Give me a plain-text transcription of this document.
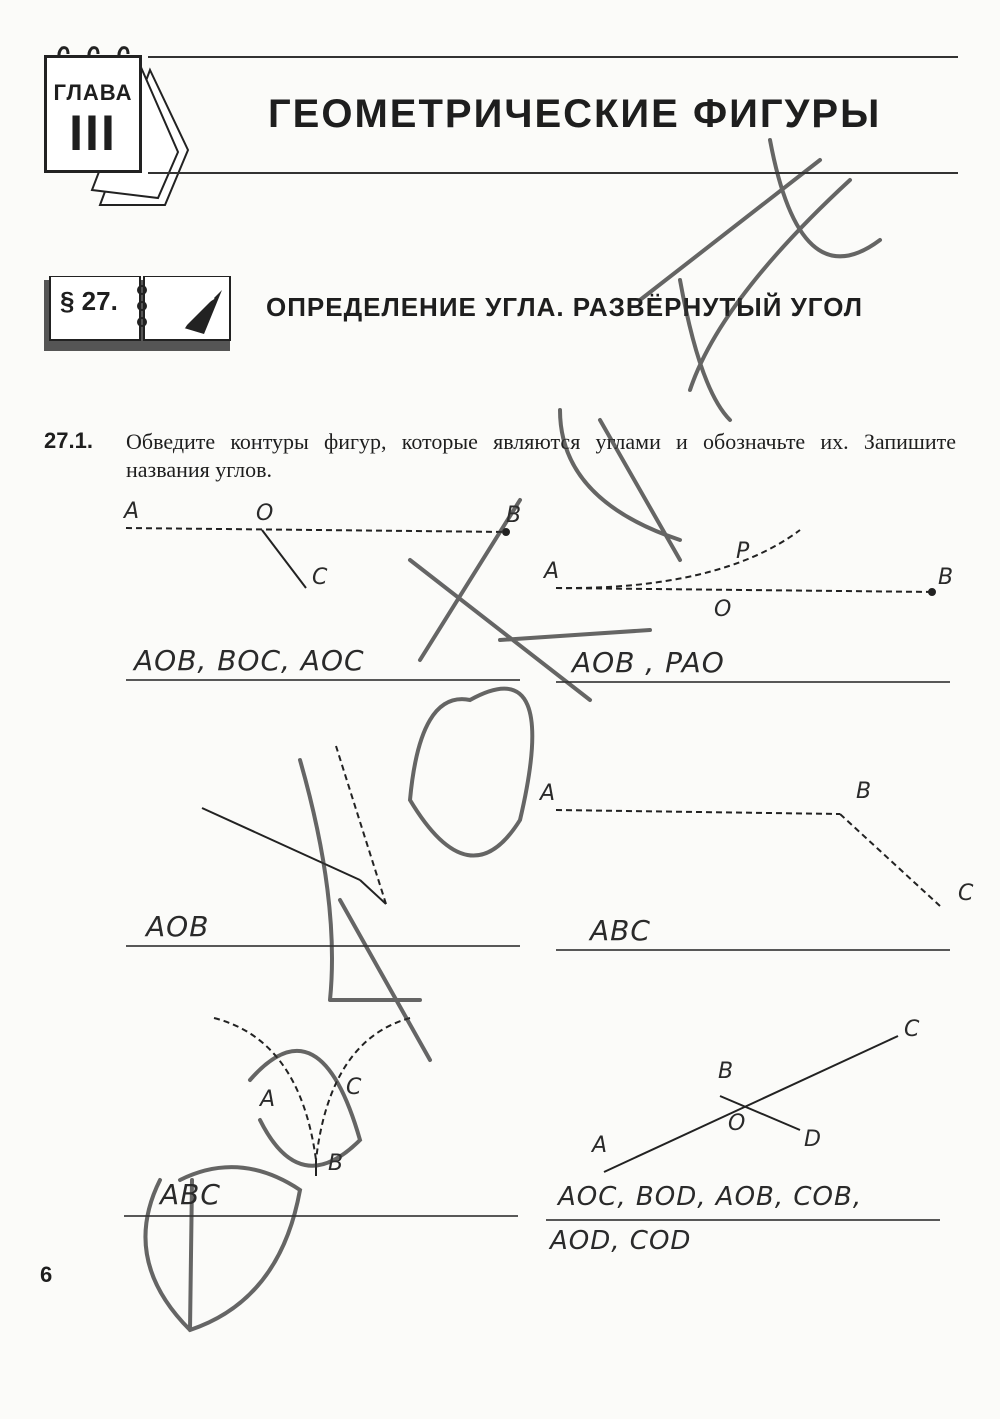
ГЛАВА
III	ГЕОМЕТРИЧЕСКИЕ ФИГУРЫ
§ 27.	ОПРЕДЕЛЕНИЕ УГЛА. РАЗВЁРНУТЫЙ УГОЛ
27.1. Обведите контуры фигур, которые являются углами и обозначьте их. Запишите названия углов.
A	O	B
C	A
P
O
B
A	B
C
A	C
B
B
C
O
A	D
AOB, BOC, AOC	AOB , PAO
AOB	ABC
ABC	AOC, BOD, AOB, COB,
AOD, COD
6
